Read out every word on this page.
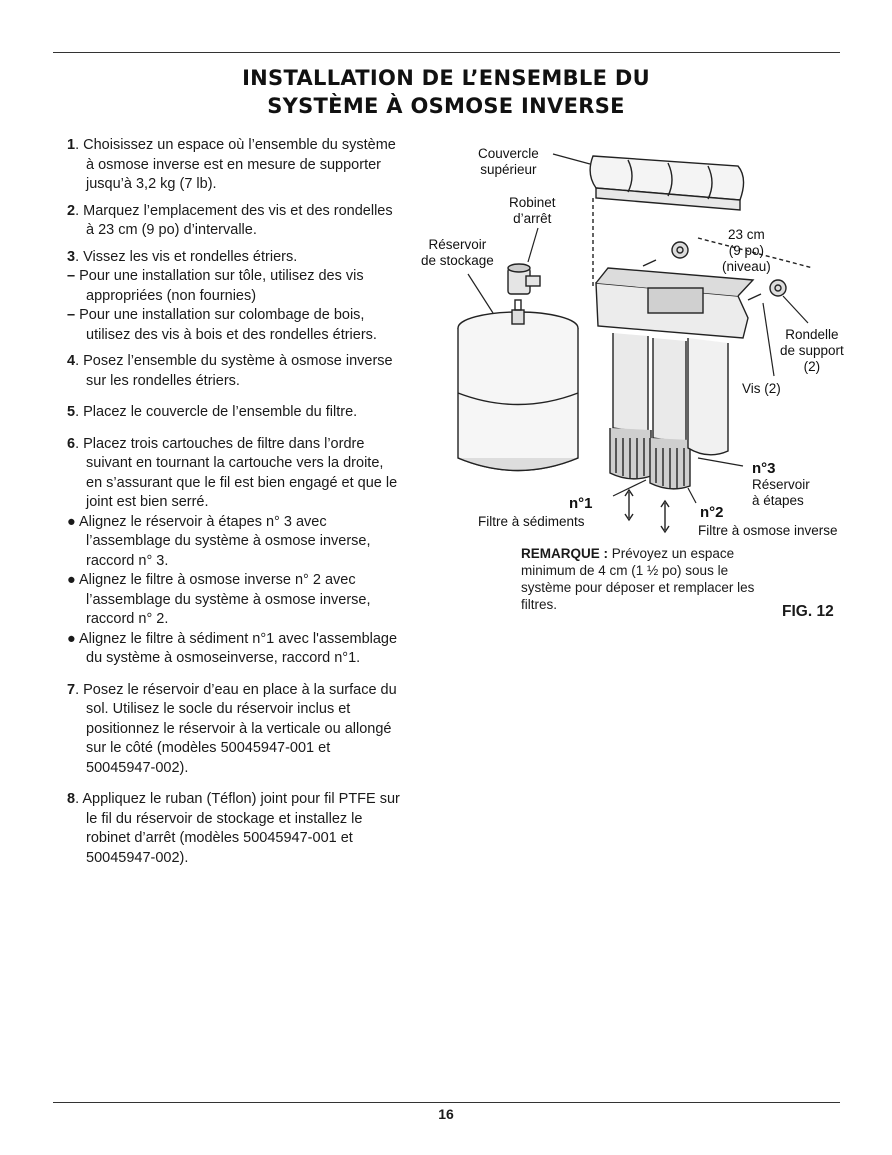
INSTALLATION DE L’ENSEMBLE DU
SYSTÈME À OSMOSE INVERSE

1. Choisissez un espace où l’ensemble du système à osmose inverse est en mesure de supporter jusqu’à 3,2 kg (7 lb).

2. Marquez l’emplacement des vis et des rondelles à 23 cm (9 po) d’intervalle.

3. Vissez les vis et rondelles étriers.

– Pour une installation sur tôle, utilisez des vis appropriées (non fournies)

– Pour une installation sur colombage de bois, utilisez des vis à bois et des rondelles étriers.

4. Posez l’ensemble du système à osmose inverse sur les rondelles étriers.

5. Placez le couvercle de l’ensemble du filtre.

6. Placez trois cartouches de filtre dans l’ordre suivant en tournant la cartouche vers la droite, en s’assurant que le fil est bien engagé et que le joint est bien serré.

● Alignez le réservoir à étapes n° 3 avec l’assemblage du système à osmose inverse, raccord n° 3.

● Alignez le filtre à osmose inverse n° 2 avec l’assemblage du système à osmose inverse, raccord n° 2.

● Alignez le filtre à sédiment n°1 avec l'assemblage du système à osmoseinverse, raccord n°1.

7. Posez le réservoir d’eau en place à la surface du sol. Utilisez le socle du réservoir inclus et positionnez le réservoir à la verticale ou allongé sur le côté (modèles 50045947-001 et 50045947-002).

8. Appliquez le ruban (Téflon) joint pour fil PTFE sur le fil du réservoir de stockage et installez le robinet d’arrêt (modèles 50045947-001 et 50045947-002).

Couvercle
supérieur
Robinet
d’arrêt
Réservoir
de stockage
23 cm
(9 po)
(niveau)
Rondelle
de support
(2)
Vis (2)
n°3
Réservoir
à étapes
n°1
Filtre à sédiments
n°2
Filtre à osmose inverse
REMARQUE : Prévoyez un espace minimum de 4 cm (1 ½ po) sous le système pour déposer et remplacer les filtres.	FIG. 12
16
